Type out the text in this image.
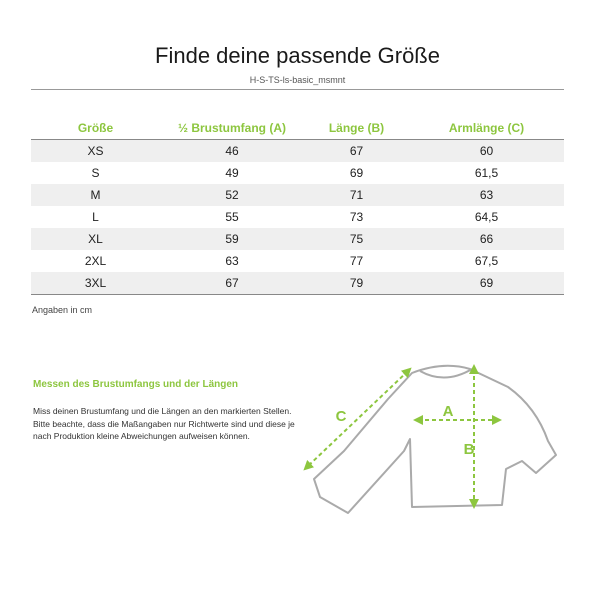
Finde deine passende Größe
H-S-TS-ls-basic_msmnt
Größe	½ Brustumfang (A)	Länge (B)	Armlänge (C)
XS	46	67	60
S	49	69	61,5
M	52	71	63
L	55	73	64,5
XL	59	75	66
2XL	63	77	67,5
3XL	67	79	69
Angaben in cm
Messen des Brustumfangs und der Längen

Miss deinen Brustumfang und die Längen an den markierten Stellen.

Bitte beachte, dass die Maßangaben nur Richtwerte sind und diese je nach Produktion kleine Abweichungen aufweisen können.

A
B
C
